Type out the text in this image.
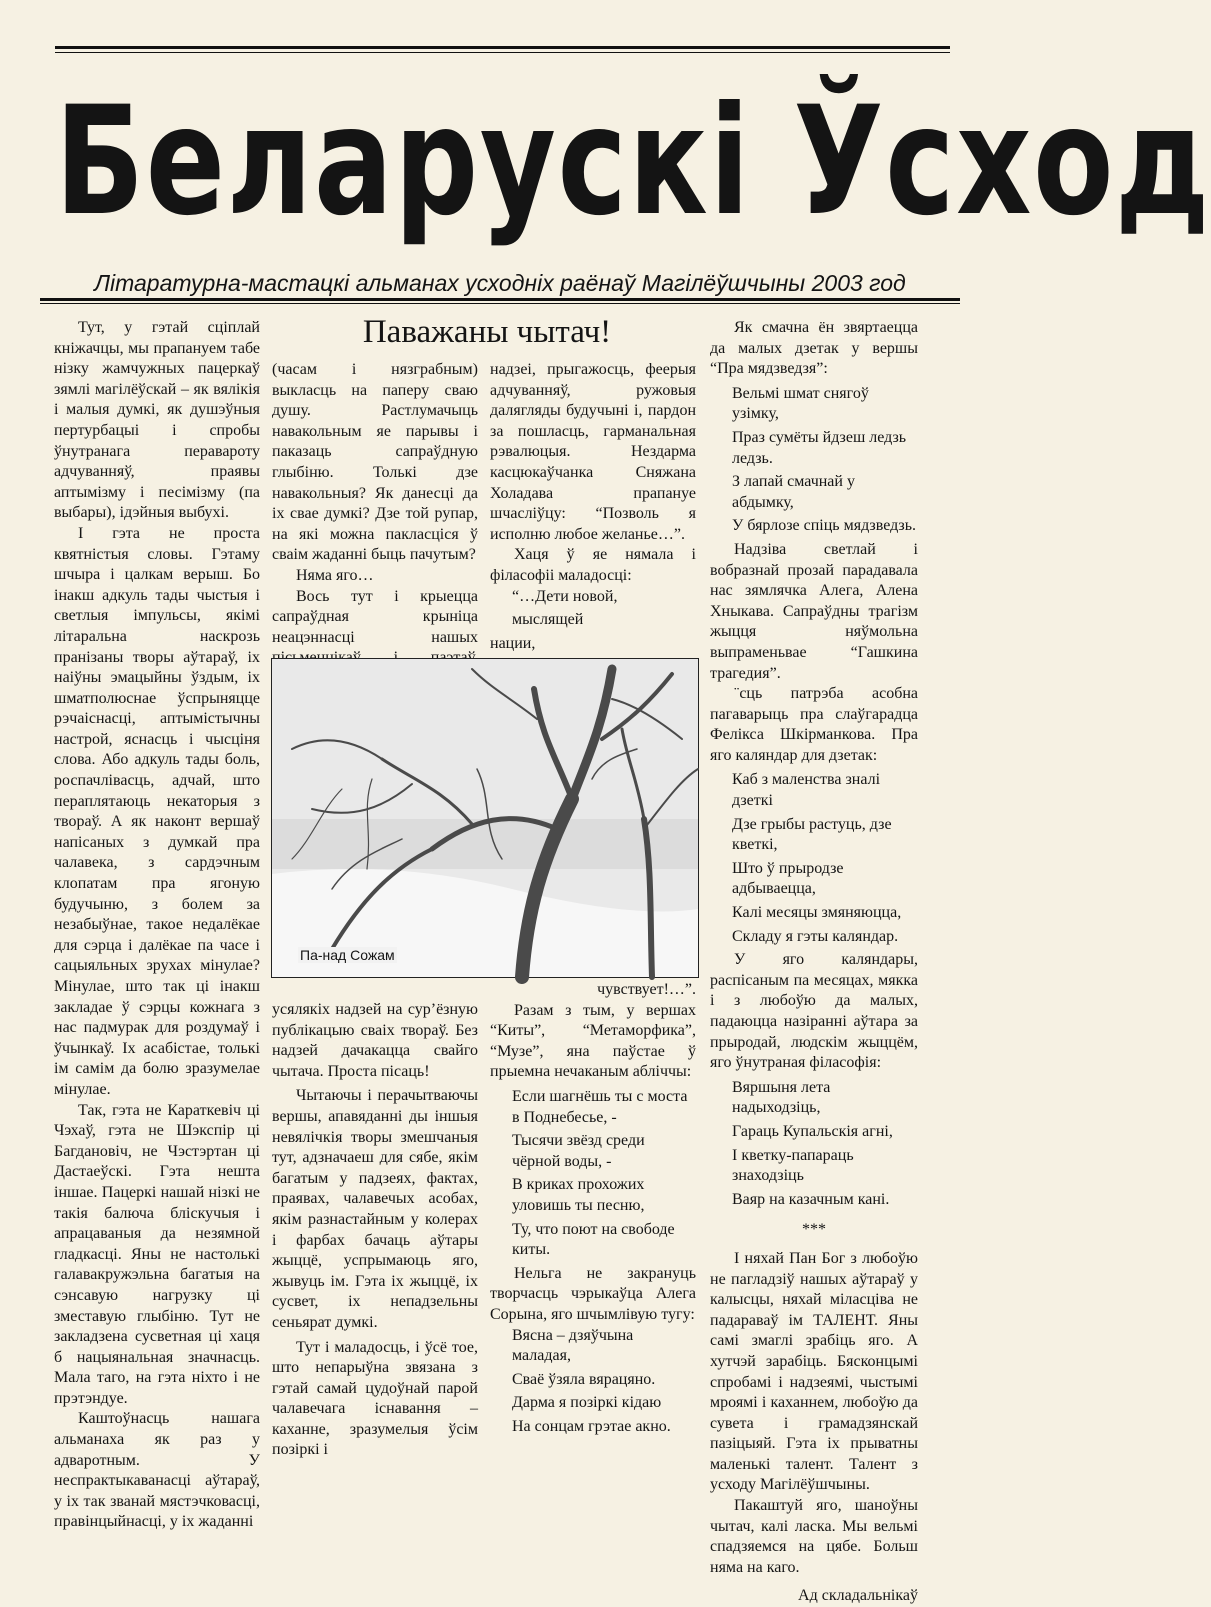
Беларускі Ўсход
Літаратурна-мастацкі альманах усходніх раёнаў Магілёўшчыны 2003 год

Тут, у гэтай сціплай кніжачцы, мы прапануем табе нізку жамчужных пацеркаў зямлі магілёўскай – як вялікія і малыя думкі, як душэўныя пертурбацыі і спробы ўнутранага перавароту адчуванняў, праявы аптымізму і песімізму (па выбары), ідэйныя выбухі.

І гэта не проста квятністыя словы. Гэтаму шчыра і цалкам верыш. Бо інакш адкуль тады чыстыя і светлыя імпульсы, якімі літаральна наскрозь пранізаны творы аўтараў, іх наіўны эмацыйны ўздым, іх шматполюснае ўспрыняцце рэчаіснасці, аптымістычны настрой, яснасць і чысціня слова. Або адкуль тады боль, роспачлівасць, адчай, што пераплятаюць некаторыя з твораў. А як наконт вершаў напісаных з думкай пра чалавека, з сардэчным клопатам пра ягоную будучыню, з болем за незабыўнае, такое недалёкае для сэрца і далёкае па часе і сацыяльных зрухах мінулае? Мінулае, што так ці інакш закладае ў сэрцы кожнага з нас падмурак для роздумаў і ўчынкаў. Іх асабістае, толькі ім самім да болю зразумелае мінулае.

Так, гэта не Караткевіч ці Чэхаў, гэта не Шэкспір ці Багдановіч, не Чэстэртан ці Дастаеўскі. Гэта нешта іншае. Пацеркі нашай нізкі не такія балюча бліскучыя і апрацаваныя да незямной гладкасці. Яны не настолькі галавакружэльна багатыя на сэнсавую нагрузку ці зместавую глыбіню. Тут не закладзена сусветная ці хаця б нацыянальная значнасць. Мала таго, на гэта ніхто і не прэтэндуе.

Каштоўнасць нашага альманаха як раз у адваротным. У неспрактыкаванасці аўтараў, у іх так званай мястэчковасці, правінцыйнасці, у іх жаданні

Паважаны чытач!

(часам і нязграбным) выкласць на паперу сваю душу. Растлумачыць навакольным яе парывы і паказаць сапраўдную глыбіню. Толькі дзе навакольныя? Як данесці да іх свае думкі? Дзе той рупар, на які можна пакласціся ў сваім жаданні быць пачутым?

Няма яго…

Вось тут і крыецца сапраўдная крыніца неацэннасці нашых

надзеі, прыгажосць, феерыя адчуванняў, ружовыя далягляды будучыні і, пардон за пошласць, гарманальная рэвалюцыя. Нездарма касцюкаўчанка Сняжана Холадава прапануе шчасліўцу: “Позволь я исполню любое желанье…”.

Хаця ў яе нямала і філасофіі маладосці:

“…Дети новой,

мыслящей

нации,

Па-над Сожам

усялякіх надзей на сур’ёзную публікацыю сваіх твораў. Без надзей дачакацца свайго чытача. Проста пісаць!

Чытаючы і перачытваючы вершы, апавяданні ды іншыя невялічкія творы змешчаныя тут, адзначаеш для сябе, якім багатым у падзеях, фактах, праявах, чалавечых асобах, якім разнастайным у колерах і фарбах бачаць аўтары жыццё, успрымаюць яго, жывуць ім. Гэта іх жыццё, іх сусвет, іх непадзельны сеньярат думкі.

Тут і маладосць, і ўсё тое, што непарыўна звязана з гэтай самай цудоўнай парой чалавечага існавання – каханне, зразумелыя ўсім позіркі і

чувствует!…”.

Разам з тым, у вершах “Киты”, “Метаморфика”, “Музе”, яна паўстае ў прыемна нечаканым абліччы:

Если шагнёшь ты с моста в Поднебесье, -

Тысячи звёзд среди чёрной воды, -

В криках прохожих уловишь ты песню,

Ту, что поют на свободе киты.

Нельга не закрануць творчасць чэрыкаўца Алега Сорына, яго шчымлівую тугу:

Вясна – дзяўчына маладая,

Сваё ўзяла вярацяно.

Дарма я позіркі кідаю

На сонцам грэтае акно.

Як смачна ён звяртаецца да малых дзетак у вершы “Пра мядзведзя”:

Вельмі шмат снягоў узімку,

Праз сумёты йдзеш ледзь ледзь.

З лапай смачнай у абдымку,

У бярлозе спіць мядзведзь.

Надзіва светлай і вобразнай прозай парадавала нас зямлячка Алега, Алена Хныкава. Сапраўдны трагізм жыцця няўмольна выпраменьвае “Гашкина трагедия”.

¨сць патрэба асобна пагаварыць пра слаўгарадца Фелікса Шкірманкова. Пра яго каляндар для дзетак:

Каб з маленства зналі дзеткі

Дзе грыбы растуць, дзе кветкі,

Што ў прыродзе адбываецца,

Калі месяцы змяняюцца,

Складу я гэты каляндар.

У яго каляндары, распісаным па месяцах, мякка і з любоўю да малых, падаюцца назіранні аўтара за прыродай, людскім жыццём, яго ўнутраная філасофія:

Вяршыня лета надыходзіць,

Гараць Купальскія агні,

І кветку-папараць знаходзіць

Ваяр на казачным кані.

***

І няхай Пан Бог з любоўю не пагладзіў нашых аўтараў у калысцы, няхай міласціва не падараваў ім ТАЛЕНТ. Яны самі змаглі зрабіць яго. А хутчэй зарабіць. Бясконцымі спробамі і надзеямі, чыстымі мроямі і каханнем, любоўю да сувета і грамадзянскай пазіцыяй. Гэта іх прыватны маленькі талент. Талент з усходу Магілёўшчыны.

Пакаштуй яго, шаноўны чытач, калі ласка. Мы вельмі спадзяемся на цябе. Больш няма на каго.

Ад складальнікаў
